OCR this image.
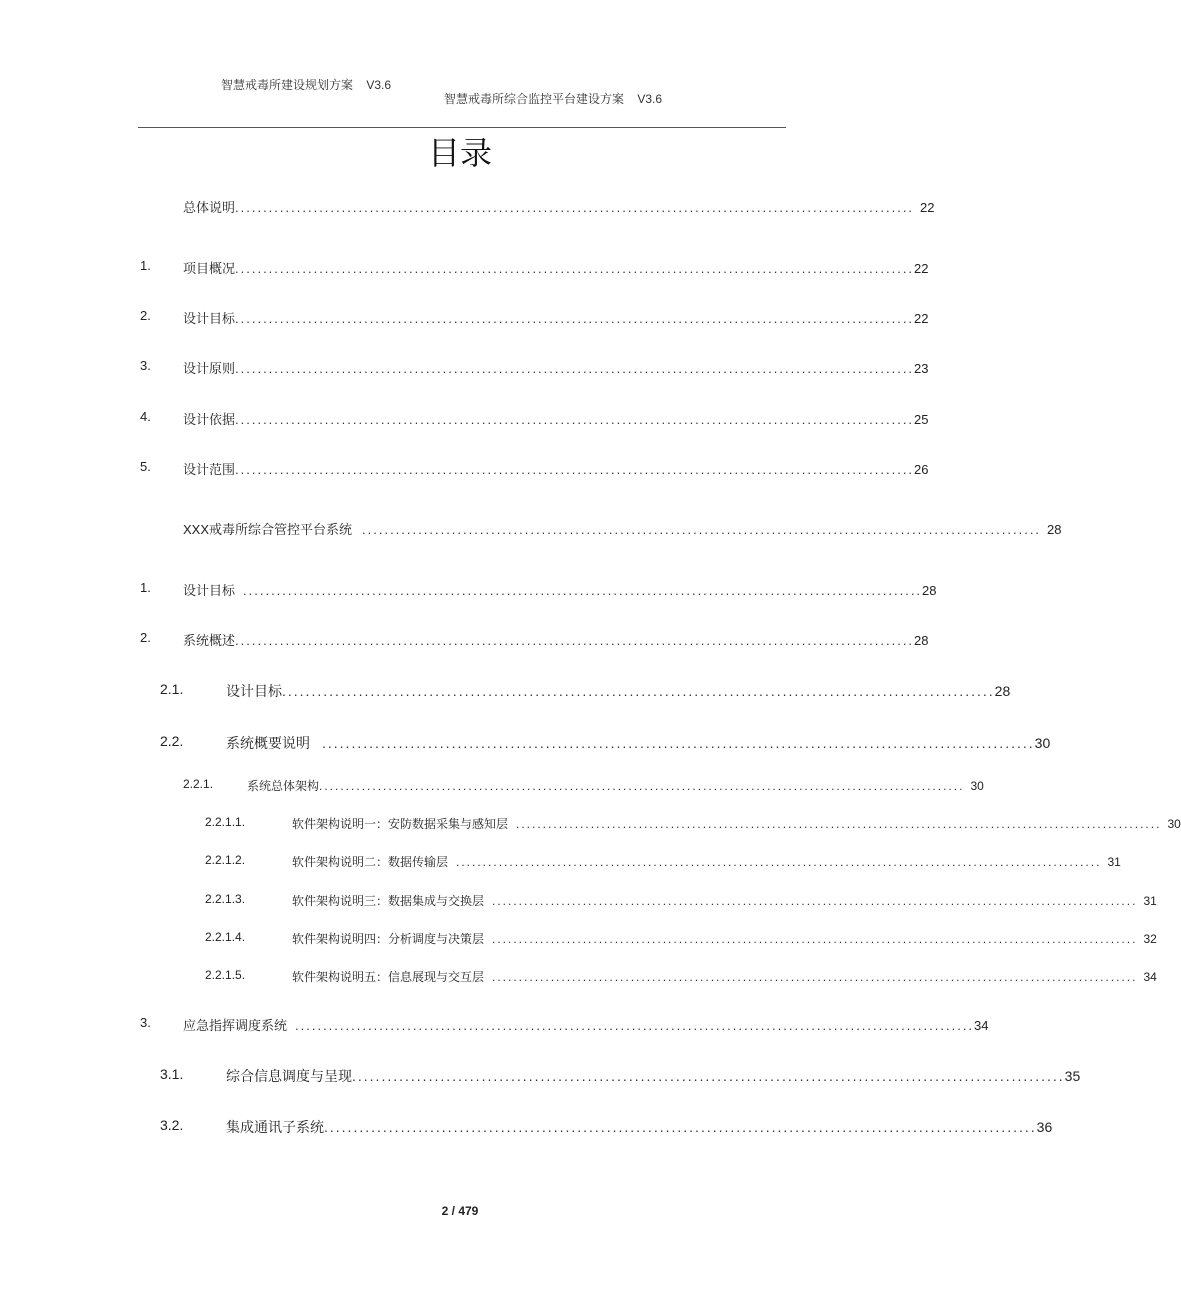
智慧戒毒所建设规划方案    V3.6

智慧戒毒所综合监控平台建设方案    V3.6

目录
总体说明 ......................................................................................................................... 22
1. 项目概况 ......................................................................................................................... 22
2. 设计目标 ......................................................................................................................... 22
3. 设计原则 ......................................................................................................................... 23
4. 设计依据 ......................................................................................................................... 25
5. 设计范围 ......................................................................................................................... 26
XXX戒毒所综合管控平台系统 ......................................................................................................................... 28
1. 设计目标 ......................................................................................................................... 28
2. 系统概述 ......................................................................................................................... 28
2.1.	设计目标 ......................................................................................................................... 28
2.2.	系统概要说明 ......................................................................................................................... 30
2.2.1.	系统总体架构 ......................................................................................................................... 30
2.2.1.1.	软件架构说明一：安防数据采集与感知层 ......................................................................................................................... 30
2.2.1.2.	软件架构说明二：数据传输层 ......................................................................................................................... 31
2.2.1.3.	软件架构说明三：数据集成与交换层 ......................................................................................................................... 31
2.2.1.4.	软件架构说明四：分析调度与决策层 ......................................................................................................................... 32
2.2.1.5.	软件架构说明五：信息展现与交互层 ......................................................................................................................... 34
3. 应急指挥调度系统 ......................................................................................................................... 34
3.1.	综合信息调度与呈现 ......................................................................................................................... 35
3.2.	集成通讯子系统 ......................................................................................................................... 36
2 / 479
